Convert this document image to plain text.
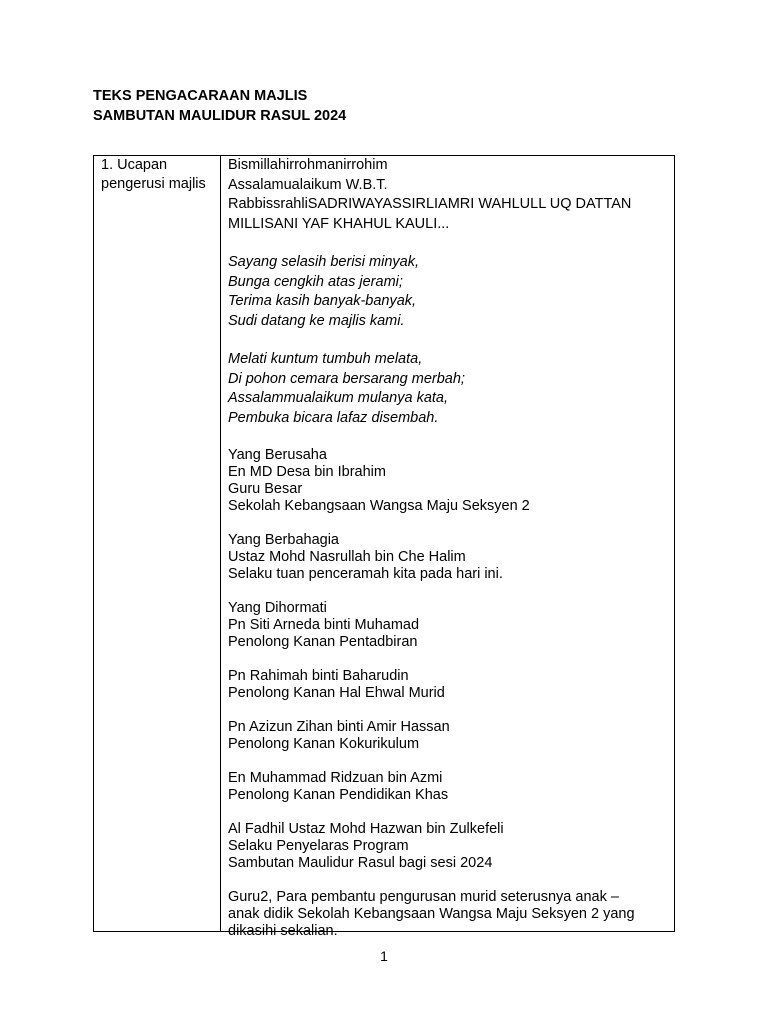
TEKS PENGACARAAN MAJLIS
SAMBUTAN MAULIDUR RASUL 2024
1. Ucapan
pengerusi majlis
Bismillahirrohmanirrohim
Assalamualaikum W.B.T.
RabbissrahliSADRIWAYASSIRLIAMRI WAHLULL UQ DATTAN
MILLISANI YAF KHAHUL KAULI...
Sayang selasih berisi minyak,
Bunga cengkih atas jerami;
Terima kasih banyak-banyak,
Sudi datang ke majlis kami.
Melati kuntum tumbuh melata,
Di pohon cemara bersarang merbah;
Assalammualaikum mulanya kata,
Pembuka bicara lafaz disembah.
Yang Berusaha
En MD Desa bin Ibrahim
Guru Besar
Sekolah Kebangsaan Wangsa Maju Seksyen 2
Yang Berbahagia
Ustaz Mohd Nasrullah bin Che Halim
Selaku tuan penceramah kita pada hari ini.
Yang Dihormati
Pn Siti Arneda binti Muhamad
Penolong Kanan Pentadbiran
Pn Rahimah binti Baharudin
Penolong Kanan Hal Ehwal Murid
Pn Azizun Zihan binti Amir Hassan
Penolong Kanan Kokurikulum
En Muhammad Ridzuan bin Azmi
Penolong Kanan Pendidikan Khas
Al Fadhil Ustaz Mohd Hazwan bin Zulkefeli
Selaku Penyelaras Program
Sambutan Maulidur Rasul bagi sesi 2024
Guru2, Para pembantu pengurusan murid seterusnya anak –
anak didik Sekolah Kebangsaan Wangsa Maju Seksyen 2 yang
dikasihi sekalian.
1
